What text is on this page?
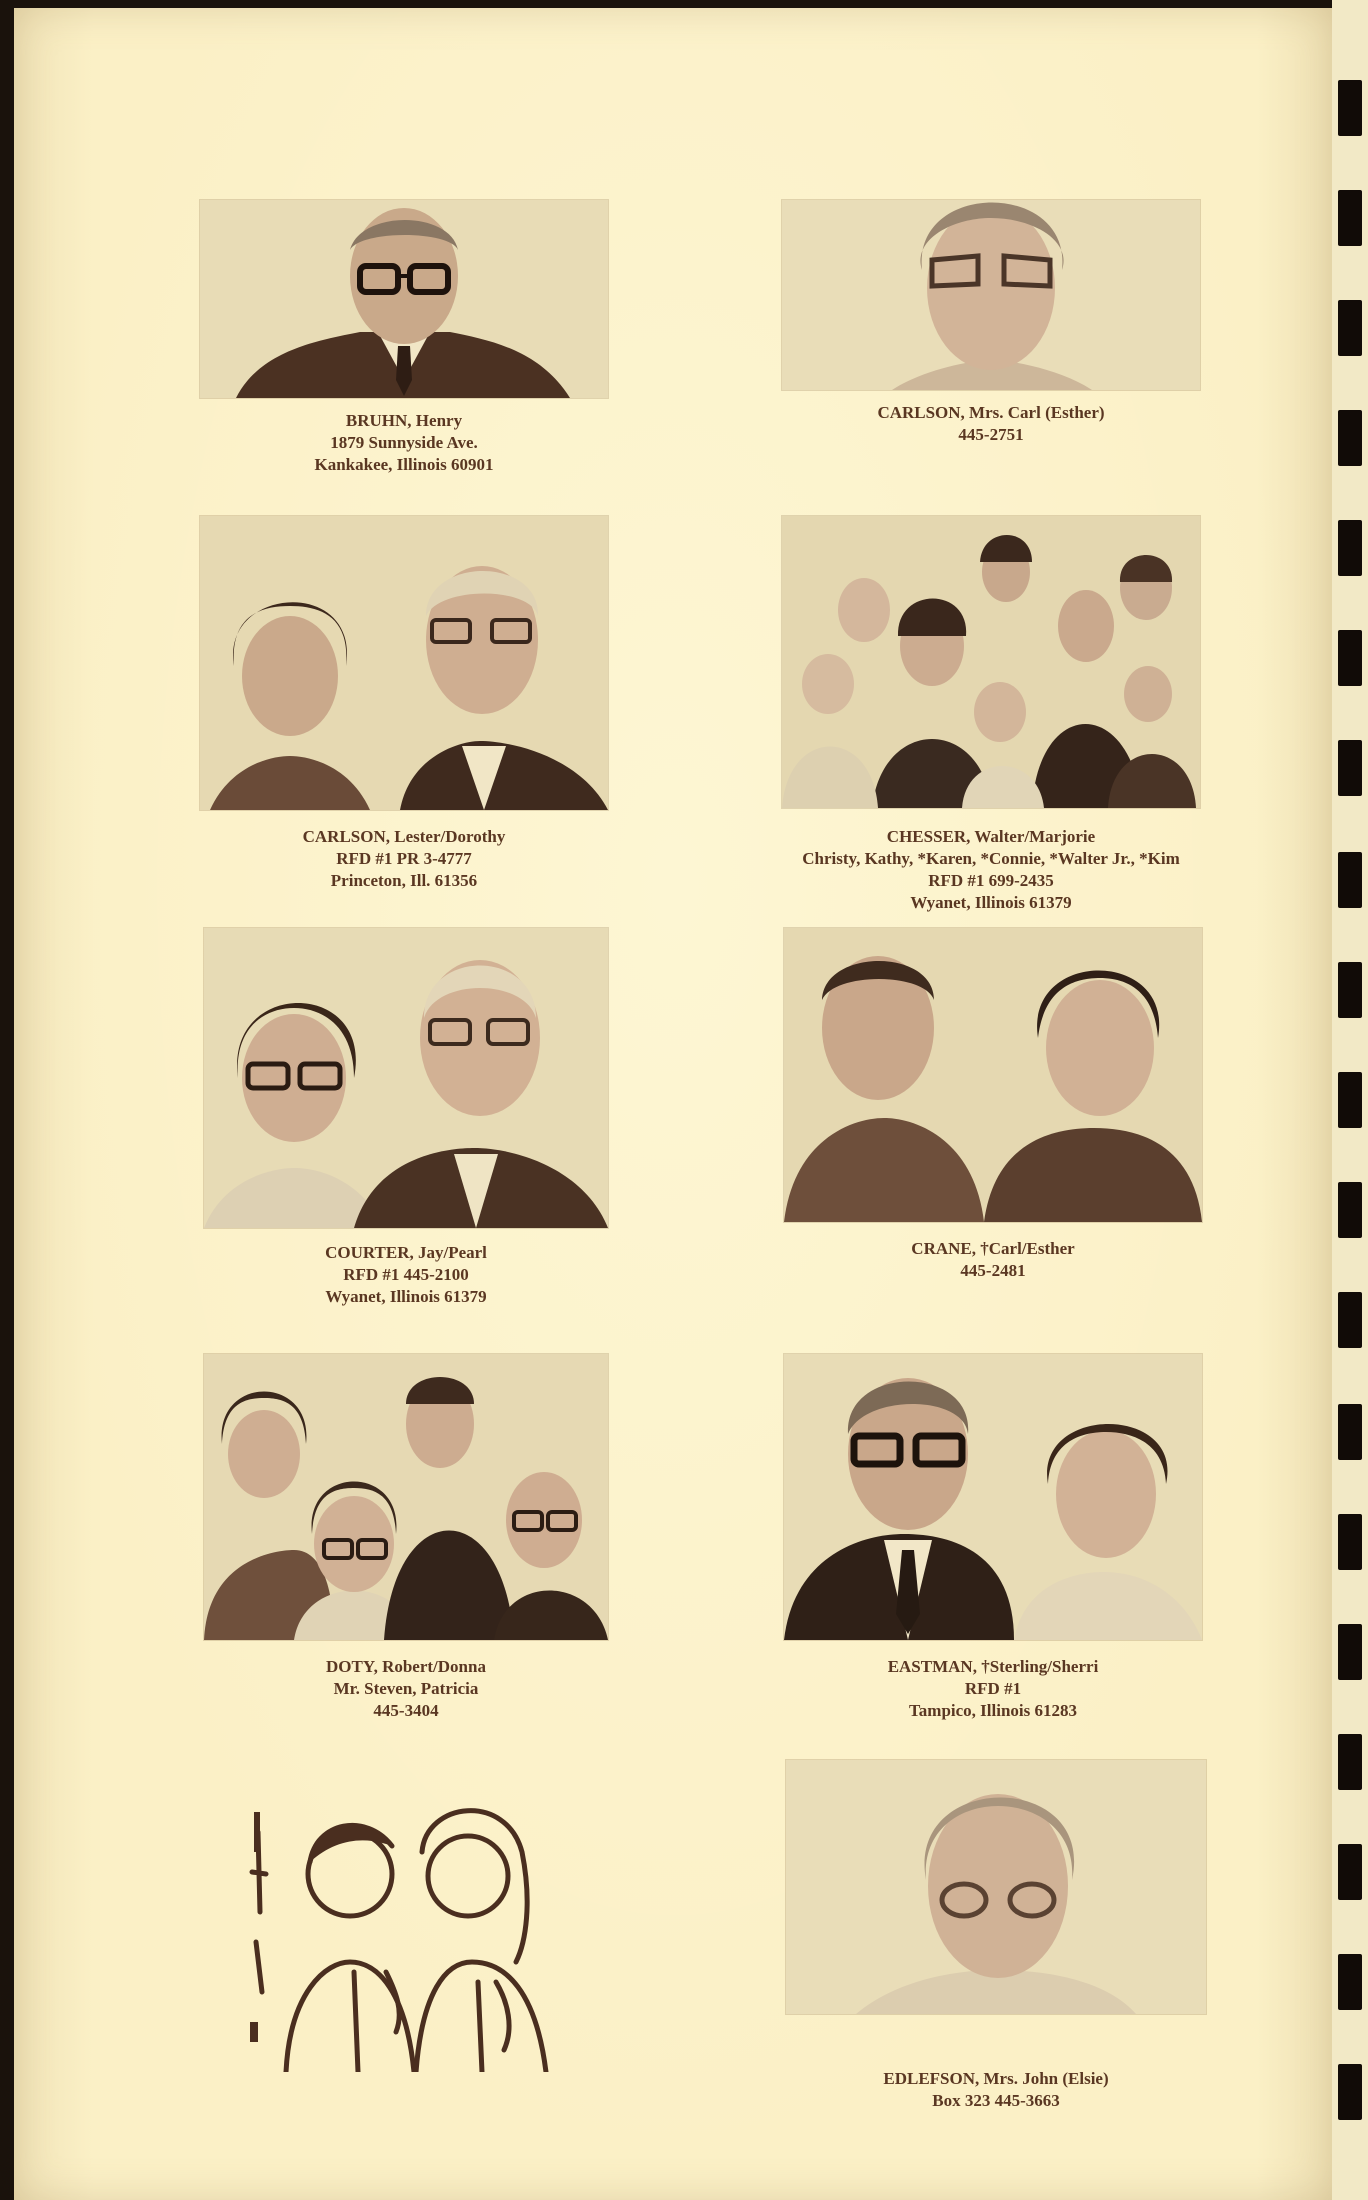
BRUHN, Henry
1879 Sunnyside Ave.
Kankakee, Illinois 60901
CARLSON, Mrs. Carl (Esther)
445-2751
CARLSON, Lester/Dorothy
RFD #1 PR 3-4777
Princeton, Ill. 61356
CHESSER, Walter/Marjorie
Christy, Kathy, *Karen, *Connie, *Walter Jr., *Kim
RFD #1 699-2435
Wyanet, Illinois 61379
COURTER, Jay/Pearl
RFD #1 445-2100
Wyanet, Illinois 61379
CRANE, †Carl/Esther
445-2481
DOTY, Robert/Donna
Mr. Steven, Patricia
445-3404
EASTMAN, †Sterling/Sherri
RFD #1
Tampico, Illinois 61283
EDLEFSON, Mrs. John (Elsie)
Box 323 445-3663
